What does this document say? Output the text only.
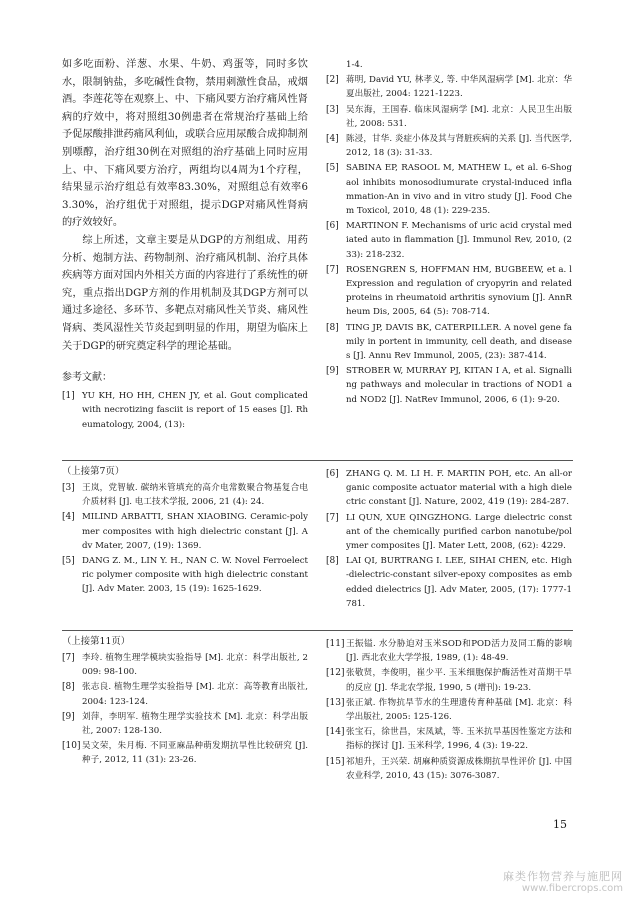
如多吃面粉、洋葱、水果、牛奶、鸡蛋等，同时多饮水，限制钠盐，多吃碱性食物，禁用刺激性食品，戒烟酒。李莲花等在观察上、中、下痛风要方治疗痛风性肾病的疗效中，将对照组30例患者在常规治疗基础上给予促尿酸排泄药痛风利仙，或联合应用尿酸合成抑制剂别嘌醇，治疗组30例在对照组的治疗基础上同时应用上、中、下痛风要方治疗，两组均以4周为1个疗程，结果显示治疗组总有效率83.30%，对照组总有效率63.30%，治疗组优于对照组，提示DGP对痛风性肾病的疗效较好。

综上所述，文章主要是从DGP的方剂组成、用药分析、炮制方法、药物制剂、治疗痛风机制、治疗具体疾病等方面对国内外相关方面的内容进行了系统性的研究，重点指出DGP方剂的作用机制及其DGP方剂可以通过多途径、多环节、多靶点对痛风性关节炎、痛风性肾病、类风湿性关节炎起到明显的作用，期望为临床上关于DGP的研究奠定科学的理论基础。

参考文献：

[1] YU KH, HO HH, CHEN JY, et al. Gout complicated with necrotizing fasciit is report of 15 eases [J]. Rheumatology, 2004, (13):
1-4.
[2] 蒋明, David YU, 林孝义, 等. 中华风湿病学 [M]. 北京：华夏出版社, 2004: 1221-1223.
[3] 吴东海，王国春. 临床风湿病学 [M]. 北京：人民卫生出版社, 2008: 531.
[4] 陈浸，甘华. 炎症小体及其与肾脏疾病的关系 [J]. 当代医学, 2012, 18 (3): 31-33.
[5] SABINA EP, RASOOL M, MATHEW L, et al. 6-Shogaol inhibits monosodiumurate crystal-induced inflammation-An in vivo and in vitro study [J]. Food Chem Toxicol, 2010, 48 (1): 229-235.
[6] MARTINON F. Mechanisms of uric acid crystal mediated auto in flammation [J]. Immunol Rev, 2010, (233): 218-232.
[7] ROSENGREN S, HOFFMAN HM, BUGBEEW, et a. l Expression and regulation of cryopyrin and related proteins in rheumatoid arthritis synovium [J]. AnnRheum Dis, 2005, 64 (5): 708-714.
[8] TING JP, DAVIS BK, CATERPILLER. A novel gene family in portent in immunity, cell death, and diseases [J]. Annu Rev Immunol, 2005, (23): 387-414.
[9] STROBER W, MURRAY PJ, KITAN I A, et al. Signalling pathways and molecular in tractions of NOD1 and NOD2 [J]. NatRev Immunol, 2006, 6 (1): 9-20.

（上接第7页）

[3] 王岚，党智敏. 碳纳米管填充的高介电常数聚合物基复合电介质材料 [J]. 电工技术学报, 2006, 21 (4): 24.
[4] MILIND ARBATTI, SHAN XIAOBING. Ceramic-polymer composites with high dielectric constant [J]. Adv Mater, 2007, (19): 1369.
[5] DANG Z. M., LIN Y. H., NAN C. W. Novel Ferroelectric polymer composite with high dielectric constant [J]. Adv Mater. 2003, 15 (19): 1625-1629.
[6] ZHANG Q. M. LI H. F. MARTIN POH, etc. An all-organic composite actuator material with a high dielectric constant [J]. Nature, 2002, 419 (19): 284-287.
[7] LI QUN, XUE QINGZHONG. Large dielectric constant of the chemically purified carbon nanotube/polymer composites [J]. Mater Lett, 2008, (62): 4229.
[8] LAI QI, BURTRANG I. LEE, SIHAI CHEN, etc. High-dielectric-constant silver-epoxy composites as embedded dielectrics [J]. Adv Mater, 2005, (17): 1777-1781.

（上接第11页）

[7] 李玲. 植物生理学模块实验指导 [M]. 北京：科学出版社, 2009: 98-100.
[8] 张志良. 植物生理学实验指导 [M]. 北京：高等教育出版社, 2004: 123-124.
[9] 刘萍，李明军. 植物生理学实验技术 [M]. 北京：科学出版社, 2007: 128-130.
[10] 吴文荣，朱月梅. 不同亚麻品种萌发期抗旱性比较研究 [J]. 种子, 2012, 11 (31): 23-26.
[11] 王振镒. 水分胁迫对玉米SOD和POD活力及同工酶的影响 [J]. 西北农业大学学报, 1989, (1): 48-49.
[12] 张敬贤，李俊明，崔少平. 玉米细胞保护酶活性对苗期干旱的反应 [J]. 华北农学报, 1990, 5 (增刊): 19-23.
[13] 张正斌. 作物抗旱节水的生理遗传育种基础 [M]. 北京：科学出版社, 2005: 125-126.
[14] 张宝石，徐世昌，宋凤斌，等. 玉米抗旱基因性鉴定方法和指标的探讨 [J]. 玉米科学, 1996, 4 (3): 19-22.
[15] 祁旭升，王兴荣. 胡麻种质资源成株期抗旱性评价 [J]. 中国农业科学, 2010, 43 (15): 3076-3087.
15
麻类作物营养与施肥网
www.fibercrops.com
